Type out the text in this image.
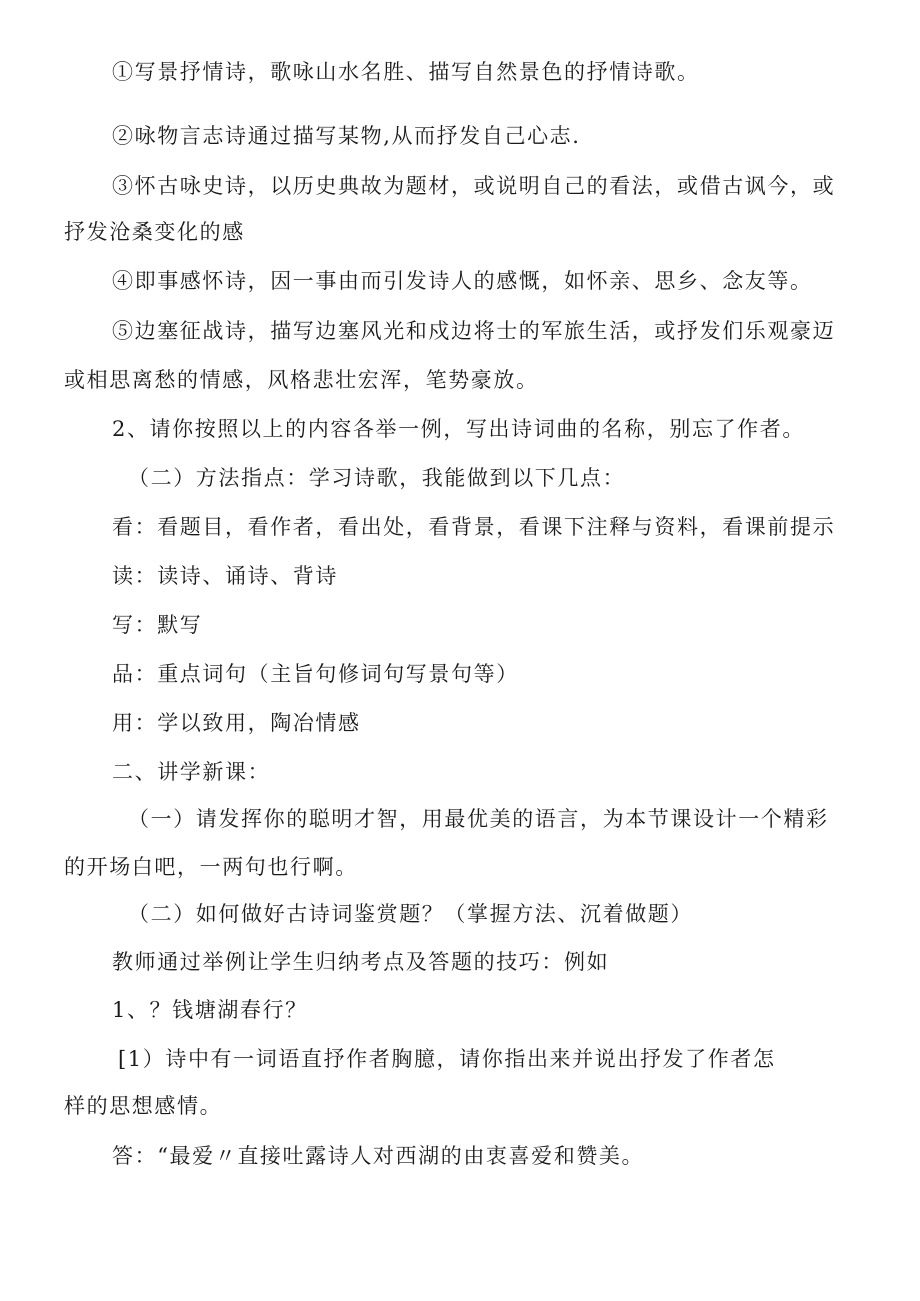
①写景抒情诗，歌咏山水名胜、描写自然景色的抒情诗歌。
②咏物言志诗通过描写某物,从而抒发自己心志.
③怀古咏史诗，以历史典故为题材，或说明自己的看法，或借古讽今，或
抒发沧桑变化的感
④即事感怀诗，因一事由而引发诗人的感慨，如怀亲、思乡、念友等。
⑤边塞征战诗，描写边塞风光和戍边将士的军旅生活，或抒发们乐观豪迈
或相思离愁的情感，风格悲壮宏浑，笔势豪放。
2、请你按照以上的内容各举一例，写出诗词曲的名称，别忘了作者。
（二）方法指点：学习诗歌，我能做到以下几点：
看：看题目，看作者，看出处，看背景，看课下注释与资料，看课前提示
读：读诗、诵诗、背诗
写：默写
品：重点词句（主旨句修词句写景句等）
用：学以致用，陶冶情感
二、讲学新课：
（一）请发挥你的聪明才智，用最优美的语言，为本节课设计一个精彩
的开场白吧，一两句也行啊。
（二）如何做好古诗词鉴赏题？（掌握方法、沉着做题）
教师通过举例让学生归纳考点及答题的技巧：例如
1、？钱塘湖春行？
[1）诗中有一词语直抒作者胸臆，请你指出来并说出抒发了作者怎
样的思想感情。
答：“最爱〃直接吐露诗人对西湖的由衷喜爱和赞美。
